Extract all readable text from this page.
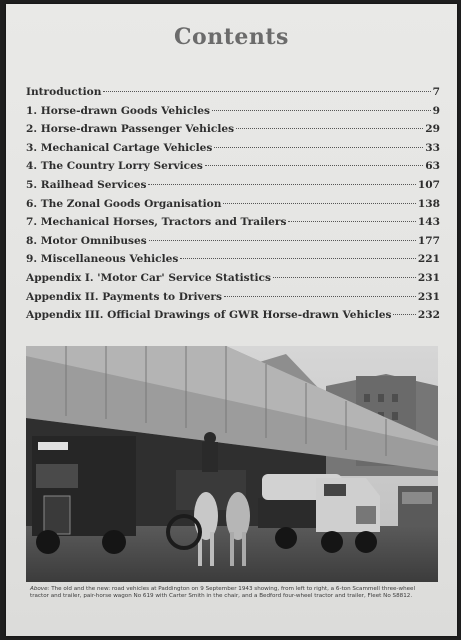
Contents
Introduction	7
1. Horse-drawn Goods Vehicles	9
2. Horse-drawn Passenger Vehicles	29
3. Mechanical Cartage Vehicles	33
4. The Country Lorry Services	63
5. Railhead Services	107
6. The Zonal Goods Organisation	138
7. Mechanical Horses, Tractors and Trailers	143
8. Motor Omnibuses	177
9. Miscellaneous Vehicles	221
Appendix I. 'Motor Car' Service Statistics	231
Appendix II. Payments to Drivers	231
Appendix III. Official Drawings of GWR Horse-drawn Vehicles 232
Above: The old and the new: road vehicles at Paddington on 9 September 1943 showing, from left to right, a 6-ton Scammell three-wheel tractor and trailer, pair-horse wagon No 619 with Carter Smith in the chair, and a Bedford four-wheel tractor and trailer, Fleet No S8812.
